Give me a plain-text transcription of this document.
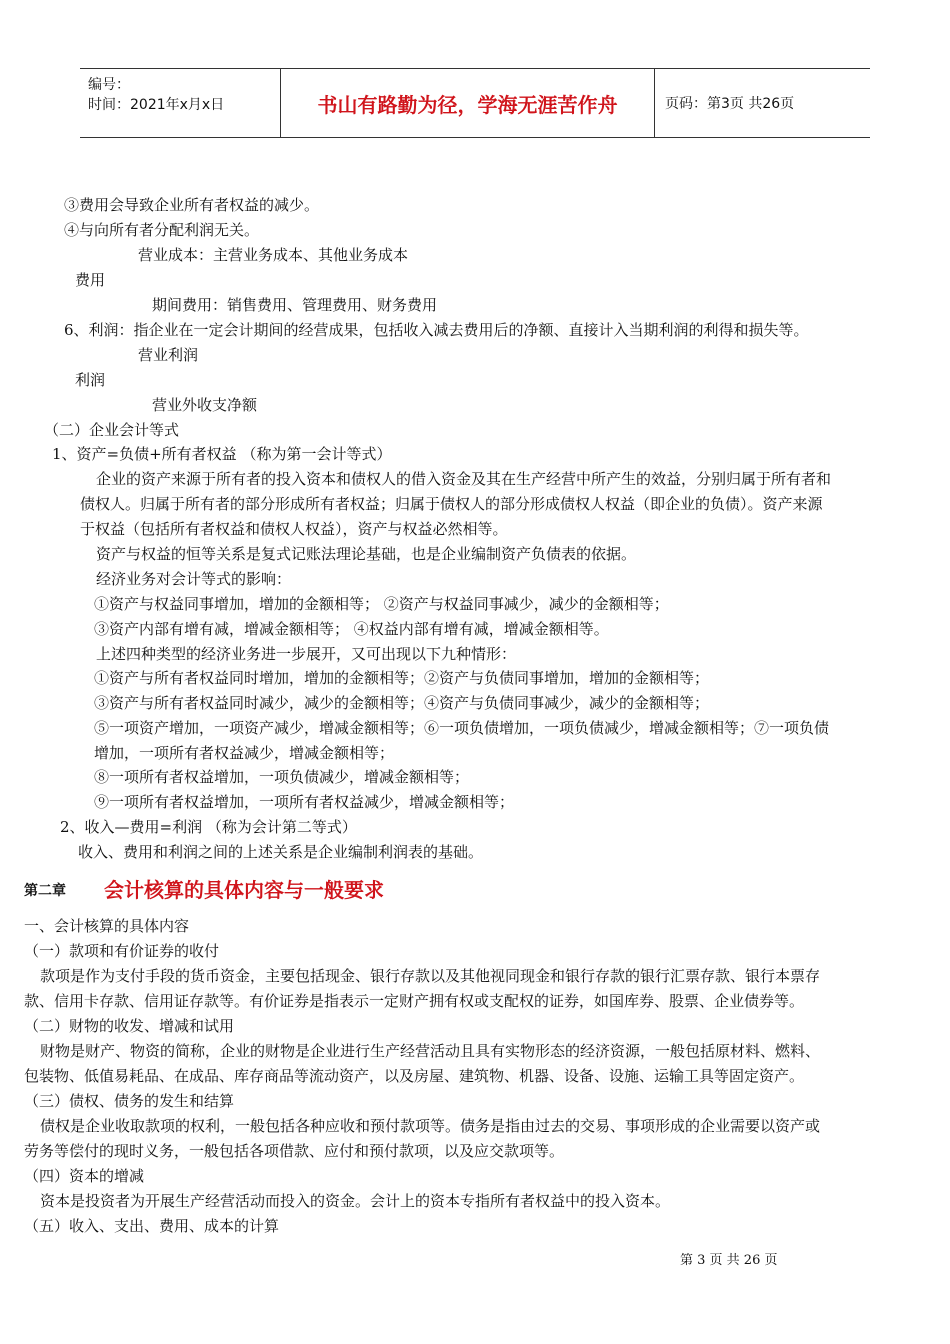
编号：
时间：2021年x月x日	书山有路勤为径，学海无涯苦作舟	页码：第3页 共26页
③费用会导致企业所有者权益的减少。
④与向所有者分配利润无关。
营业成本：主营业务成本、其他业务成本
费用
期间费用：销售费用、管理费用、财务费用
6、利润：指企业在一定会计期间的经营成果，包括收入减去费用后的净额、直接计入当期利润的利得和损失等。
营业利润
利润
营业外收支净额
（二）企业会计等式
1、资产=负债+所有者权益 （称为第一会计等式）
企业的资产来源于所有者的投入资本和债权人的借入资金及其在生产经营中所产生的效益，分别归属于所有者和
债权人。归属于所有者的部分形成所有者权益；归属于债权人的部分形成债权人权益（即企业的负债）。资产来源
于权益（包括所有者权益和债权人权益），资产与权益必然相等。
资产与权益的恒等关系是复式记账法理论基础，也是企业编制资产负债表的依据。
经济业务对会计等式的影响：
①资产与权益同事增加，增加的金额相等； ②资产与权益同事减少，减少的金额相等；
③资产内部有增有减，增减金额相等； ④权益内部有增有减，增减金额相等。
上述四种类型的经济业务进一步展开，又可出现以下九种情形：
①资产与所有者权益同时增加，增加的金额相等；②资产与负债同事增加，增加的金额相等；
③资产与所有者权益同时减少，减少的金额相等；④资产与负债同事减少，减少的金额相等；
⑤一项资产增加，一项资产减少，增减金额相等；⑥一项负债增加，一项负债减少，增减金额相等；⑦一项负债
增加，一项所有者权益减少，增减金额相等；
⑧一项所有者权益增加，一项负债减少，增减金额相等；
⑨一项所有者权益增加，一项所有者权益减少，增减金额相等；
2、收入—费用=利润 （称为会计第二等式）
收入、费用和利润之间的上述关系是企业编制利润表的基础。
第二章 会计核算的具体内容与一般要求
一、会计核算的具体内容
（一）款项和有价证券的收付
款项是作为支付手段的货币资金，主要包括现金、银行存款以及其他视同现金和银行存款的银行汇票存款、银行本票存
款、信用卡存款、信用证存款等。有价证券是指表示一定财产拥有权或支配权的证券，如国库券、股票、企业债券等。
（二）财物的收发、增减和试用
财物是财产、物资的简称，企业的财物是企业进行生产经营活动且具有实物形态的经济资源，一般包括原材料、燃料、
包装物、低值易耗品、在成品、库存商品等流动资产，以及房屋、建筑物、机器、设备、设施、运输工具等固定资产。
（三）债权、债务的发生和结算
债权是企业收取款项的权利，一般包括各种应收和预付款项等。债务是指由过去的交易、事项形成的企业需要以资产或
劳务等偿付的现时义务，一般包括各项借款、应付和预付款项，以及应交款项等。
（四）资本的增减
资本是投资者为开展生产经营活动而投入的资金。会计上的资本专指所有者权益中的投入资本。
（五）收入、支出、费用、成本的计算
第 3 页 共 26 页
